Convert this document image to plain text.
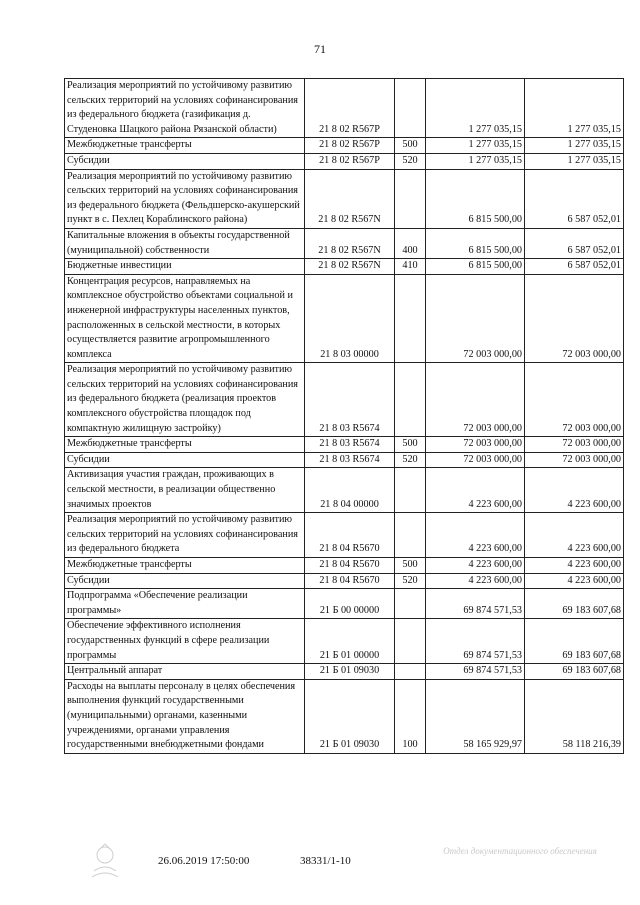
71
Реализация мероприятий по устойчивому развитию сельских территорий на условиях софинансирования из федерального бюджета (газификация д. Студеновка Шацкого района Рязанской области)	21 8 02 R567P		1 277 035,15	1 277 035,15
Межбюджетные трансферты	21 8 02 R567P	500	1 277 035,15	1 277 035,15
Субсидии	21 8 02 R567P	520	1 277 035,15	1 277 035,15
Реализация мероприятий по устойчивому развитию сельских территорий на условиях софинансирования из федерального бюджета (Фельдшерско-акушерский пункт в с. Пехлец Кораблинского района)	21 8 02 R567N		6 815 500,00	6 587 052,01
Капитальные вложения в объекты государственной (муниципальной) собственности	21 8 02 R567N	400	6 815 500,00	6 587 052,01
Бюджетные инвестиции	21 8 02 R567N	410	6 815 500,00	6 587 052,01
Концентрация ресурсов, направляемых на комплексное обустройство объектами социальной и инженерной инфраструктуры населенных пунктов, расположенных в сельской местности, в которых осуществляется развитие агропромышленного комплекса	21 8 03 00000		72 003 000,00	72 003 000,00
Реализация мероприятий по устойчивому развитию сельских территорий на условиях софинансирования из федерального бюджета (реализация проектов комплексного обустройства площадок под компактную жилищную застройку)	21 8 03 R5674		72 003 000,00	72 003 000,00
Межбюджетные трансферты	21 8 03 R5674	500	72 003 000,00	72 003 000,00
Субсидии	21 8 03 R5674	520	72 003 000,00	72 003 000,00
Активизация участия граждан, проживающих в сельской местности, в реализации общественно значимых проектов	21 8 04 00000		4 223 600,00	4 223 600,00
Реализация мероприятий по устойчивому развитию сельских территорий на условиях софинансирования из федерального бюджета	21 8 04 R5670		4 223 600,00	4 223 600,00
Межбюджетные трансферты	21 8 04 R5670	500	4 223 600,00	4 223 600,00
Субсидии	21 8 04 R5670	520	4 223 600,00	4 223 600,00
Подпрограмма «Обеспечение реализации программы»	21 Б 00 00000		69 874 571,53	69 183 607,68
Обеспечение эффективного исполнения государственных функций в сфере реализации программы	21 Б 01 00000		69 874 571,53	69 183 607,68
Центральный аппарат	21 Б 01 09030		69 874 571,53	69 183 607,68
Расходы на выплаты персоналу в целях обеспечения выполнения функций государственными (муниципальными) органами, казенными учреждениями, органами управления государственными внебюджетными фондами	21 Б 01 09030	100	58 165 929,97	58 118 216,39
26.06.2019 17:50:00	38331/1-10
Отдел документационного обеспечения
